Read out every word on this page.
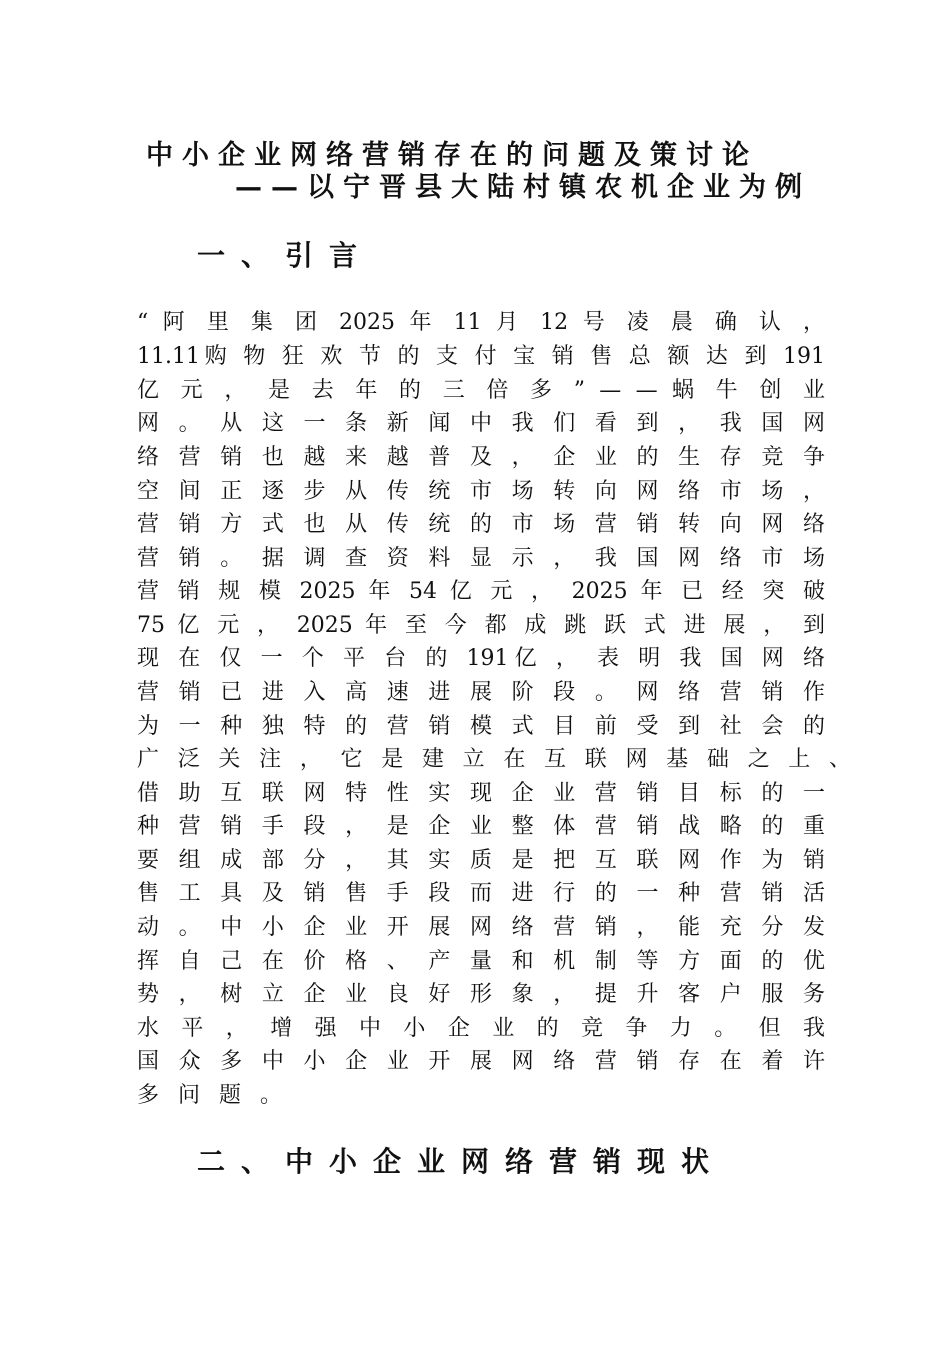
中小企业网络营销存在的问题及策讨论
——以宁晋县大陆村镇农机企业为例
一、引言
“ 阿 里 集 团 2025 年 11 月 12 号 凌 晨 确 认 ，
11.11购 物 狂 欢 节 的 支 付 宝 销 售 总 额 达 到 191
亿 元 ， 是 去 年 的 三 倍 多 ” — — 蜗 牛 创 业
网 。 从 这 一 条 新 闻 中 我 们 看 到 ， 我 国 网
络 营 销 也 越 来 越 普 及 ， 企 业 的 生 存 竞 争
空 间 正 逐 步 从 传 统 市 场 转 向 网 络 市 场 ，
营 销 方 式 也 从 传 统 的 市 场 营 销 转 向 网 络
营 销 。 据 调 查 资 料 显 示 ， 我 国 网 络 市 场
营 销 规 模 2025 年 54 亿 元 ， 2025 年 已 经 突 破
75 亿 元 ， 2025 年 至 今 都 成 跳 跃 式 进 展 ， 到
现 在 仅 一 个 平 台 的 191亿 ， 表 明 我 国 网 络
营 销 已 进 入 高 速 进 展 阶 段 。 网 络 营 销 作
为 一 种 独 特 的 营 销 模 式 目 前 受 到 社 会 的
广 泛 关 注 ， 它 是 建 立 在 互 联 网 基 础 之 上 、
借 助 互 联 网 特 性 实 现 企 业 营 销 目 标 的 一
种 营 销 手 段 ， 是 企 业 整 体 营 销 战 略 的 重
要 组 成 部 分 ， 其 实 质 是 把 互 联 网 作 为 销
售 工 具 及 销 售 手 段 而 进 行 的 一 种 营 销 活
动 。 中 小 企 业 开 展 网 络 营 销 ， 能 充 分 发
挥 自 己 在 价 格 、 产 量 和 机 制 等 方 面 的 优
势 ， 树 立 企 业 良 好 形 象 ， 提 升 客 户 服 务
水 平 ， 增 强 中 小 企 业 的 竞 争 力 。 但 我
国 众 多 中 小 企 业 开 展 网 络 营 销 存 在 着 许
多 问 题 。
二、中小企业网络营销现状
